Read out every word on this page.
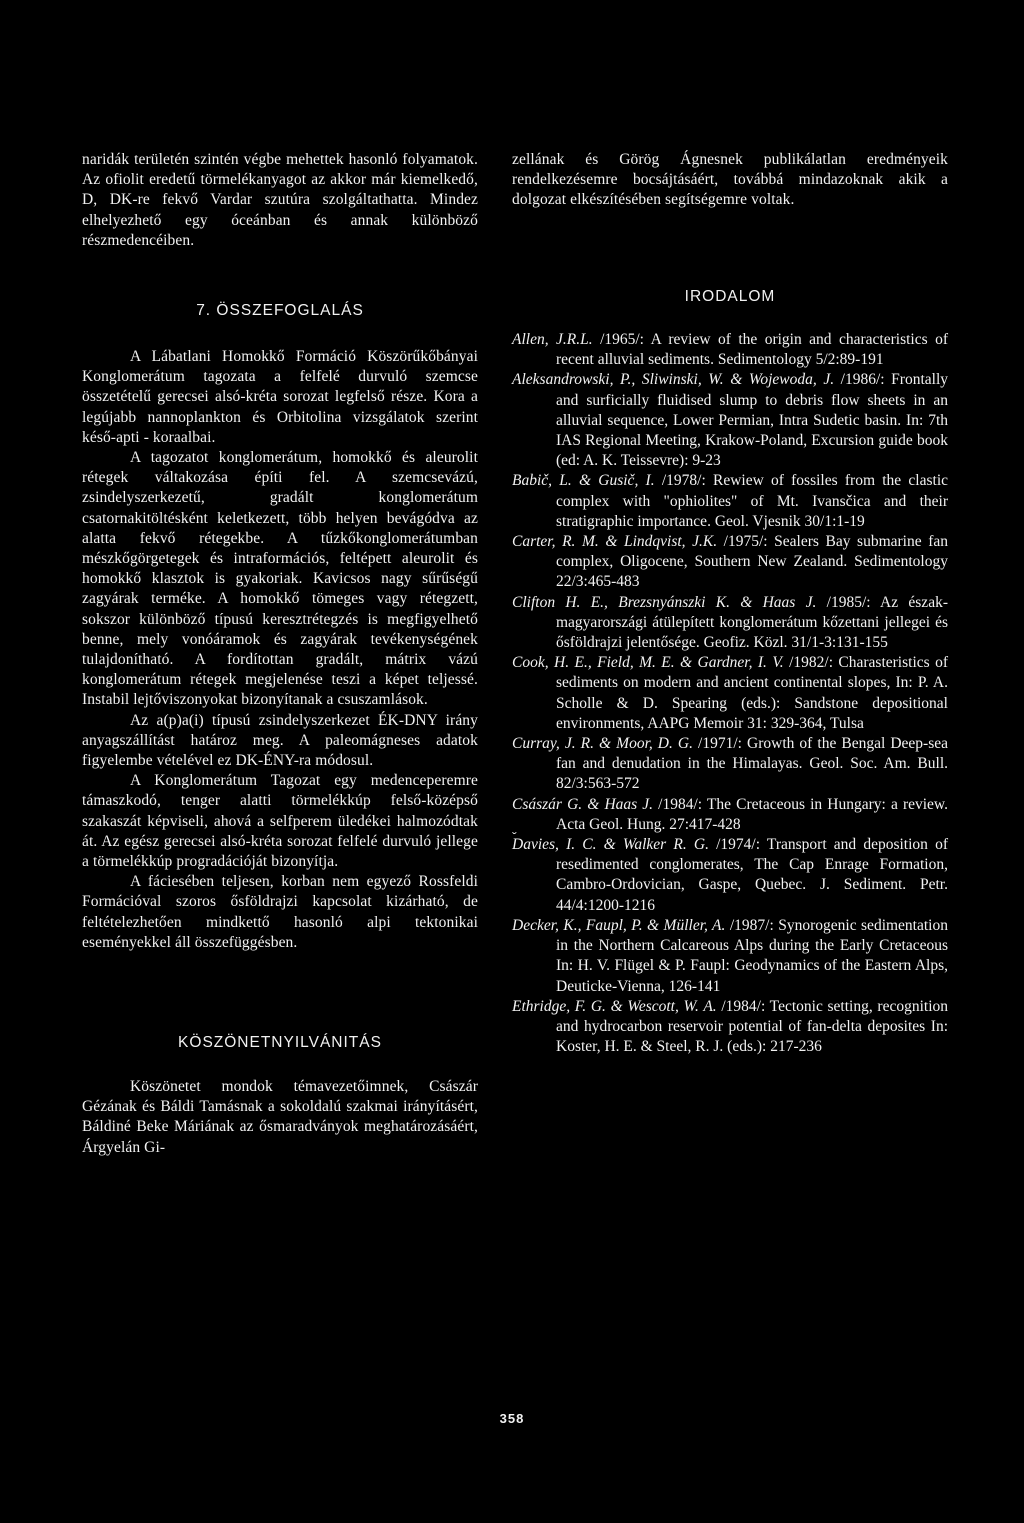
naridák területén szintén végbe mehettek hasonló folyamatok. Az ofiolit eredetű törmelékanyagot az akkor már kiemelkedő, D, DK-re fekvő Vardar szutúra szolgáltathatta. Mindez elhelyezhető egy óceánban és annak különböző részmedencéiben.

7. ÖSSZEFOGLALÁS

A Lábatlani Homokkő Formáció Köszörűkőbányai Konglomerátum tagozata a felfelé durvuló szemcse összetételű gerecsei alsó-kréta sorozat legfelső része. Kora a legújabb nannoplankton és Orbitolina vizsgálatok szerint késő-apti - koraalbai.

A tagozatot konglomerátum, homokkő és aleurolit rétegek váltakozása építi fel. A szemcsevázú, zsindelyszerkezetű, gradált konglomerátum csatornakitöltésként keletkezett, több helyen bevágódva az alatta fekvő rétegekbe. A tűzkőkonglomerátumban mészkőgörgetegek és intraformációs, feltépett aleurolit és homokkő klasztok is gyakoriak. Kavicsos nagy sűrűségű zagyárak terméke. A homokkő tömeges vagy rétegzett, sokszor különböző típusú keresztrétegzés is megfigyelhető benne, mely vonóáramok és zagyárak tevékenységének tulajdonítható. A fordítottan gradált, mátrix vázú konglomerátum rétegek megjelenése teszi a képet teljessé. Instabil lejtőviszonyokat bizonyítanak a csuszamlások.

Az a(p)a(i) típusú zsindelyszerkezet ÉK-DNY irány anyagszállítást határoz meg. A paleomágneses adatok figyelembe vételével ez DK-ÉNY-ra módosul.

A Konglomerátum Tagozat egy medenceperemre támaszkodó, tenger alatti törmelékkúp felső-középső szakaszát képviseli, ahová a selfperem üledékei halmozódtak át. Az egész gerecsei alsó-kréta sorozat felfelé durvuló jellege a törmelékkúp progradációját bizonyítja.

A fáciesében teljesen, korban nem egyező Rossfeldi Formációval szoros ősföldrajzi kapcsolat kizárható, de feltételezhetően mindkettő hasonló alpi tektonikai eseményekkel áll összefüggésben.

KÖSZÖNETNYILVÁNITÁS

Köszönetet mondok témavezetőimnek, Császár Gézának és Báldi Tamásnak a sokoldalú szakmai irányításért, Báldiné Beke Máriának az ősmaradványok meghatározásáért, Árgyelán Gi-

zellának és Görög Ágnesnek publikálatlan eredményeik rendelkezésemre bocsájtásáért, továbbá mindazoknak akik a dolgozat elkészítésében segítségemre voltak.

IRODALOM

Allen, J.R.L. /1965/: A review of the origin and characteristics of recent alluvial sediments. Sedimentology 5/2:89-191

Aleksandrowski, P., Sliwinski, W. & Wojewoda, J. /1986/: Frontally and surficially fluidised slump to debris flow sheets in an alluvial sequence, Lower Permian, Intra Sudetic basin. In: 7th IAS Regional Meeting, Krakow-Poland, Excursion guide book (ed: A. K. Teissevre): 9-23

Babič, L. & Gusič, I. /1978/: Rewiew of fossiles from the clastic complex with "ophiolites" of Mt. Ivansčica and their stratigraphic importance. Geol. Vjesnik 30/1:1-19

Carter, R. M. & Lindqvist, J.K. /1975/: Sealers Bay submarine fan complex, Oligocene, Southern New Zealand. Sedimentology 22/3:465-483

Clifton H. E., Brezsnyánszki K. & Haas J. /1985/: Az észak-magyarországi átülepített konglomerátum kőzettani jellegei és ősföldrajzi jelentősége. Geofiz. Közl. 31/1-3:131-155

Cook, H. E., Field, M. E. & Gardner, I. V. /1982/: Charasteristics of sediments on modern and ancient continental slopes, In: P. A. Scholle & D. Spearing (eds.): Sandstone depositional environments, AAPG Memoir 31: 329-364, Tulsa

Curray, J. R. & Moor, D. G. /1971/: Growth of the Bengal Deep-sea fan and denudation in the Himalayas. Geol. Soc. Am. Bull. 82/3:563-572

Császár G. & Haas J. /1984/: The Cretaceous in Hungary: a review. Acta Geol. Hung. 27:417-428

Davies, I. C. & Walker R. G. /1974/: Transport and deposition of resedimented conglomerates, The Cap Enrage Formation, Cambro-Ordovician, Gaspe, Quebec. J. Sediment. Petr. 44/4:1200-1216

Decker, K., Faupl, P. & Müller, A. /1987/: Synorogenic sedimentation in the Northern Calcareous Alps during the Early Cretaceous In: H. V. Flügel & P. Faupl: Geodynamics of the Eastern Alps, Deuticke-Vienna, 126-141

Ethridge, F. G. & Wescott, W. A. /1984/: Tectonic setting, recognition and hydrocarbon reservoir potential of fan-delta deposites In: Koster, H. E. & Steel, R. J. (eds.): 217-236

ˬ
358
